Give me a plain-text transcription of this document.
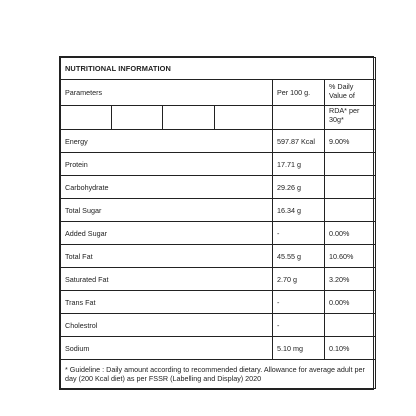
NUTRITIONAL INFORMATION					
Parameters				Per 100 g.	% Daily Value of
					RDA* per 30g*
Energy				597.87 Kcal	9.00%
Protein				17.71 g	
Carbohydrate				29.26 g	
Total Sugar				16.34 g	
Added Sugar				-	0.00%
Total Fat				45.55 g	10.60%
Saturated Fat				2.70 g	3.20%
Trans Fat				-	0.00%
Cholestrol				-	
Sodium				5.10 mg	0.10%
* Guideline : Daily amount according to recommended dietary. Allowance for average adult per day (200 Kcal diet) as per FSSR (Labelling and Display) 2020					
